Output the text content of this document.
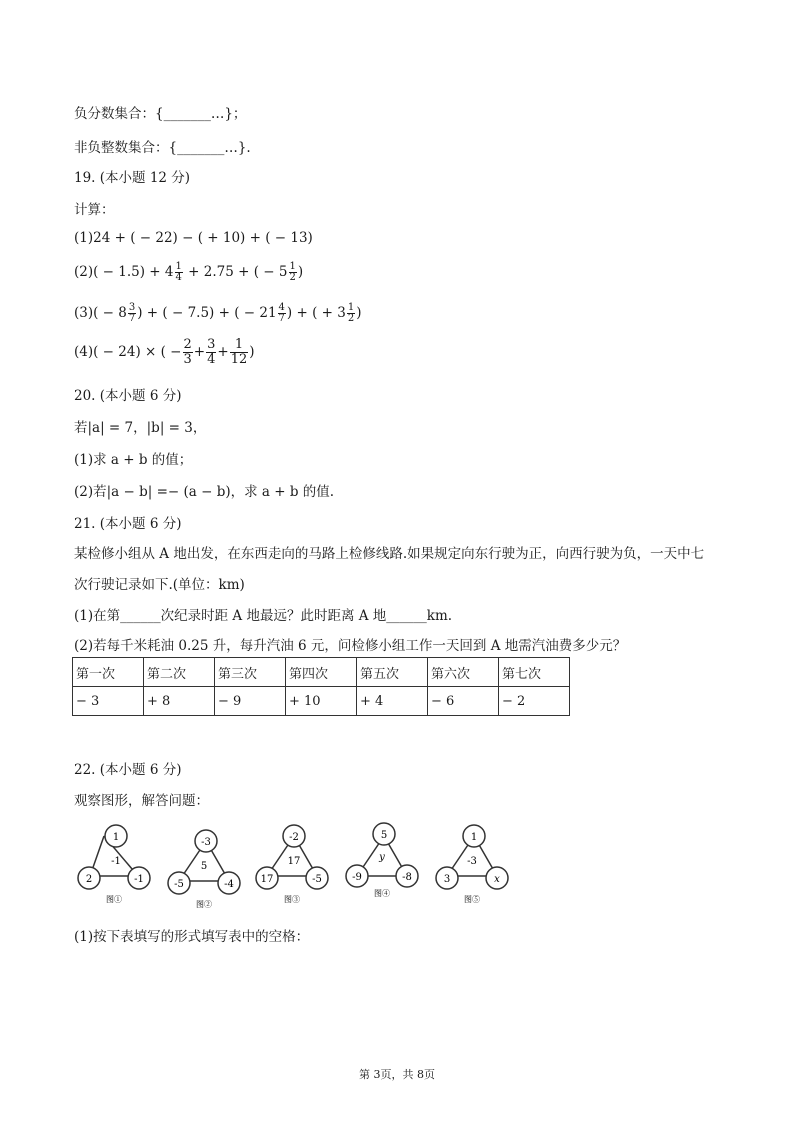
负分数集合：{_______…}；
非负整数集合：{_______…}.
19. (本小题 12 分)
计算：
(1)24 + ( − 22) − ( + 10) + ( − 13)
$(2)( - 1.5) + 4 \frac{1}{4} + 2.75$ + ( − $5 \frac{1}{2}$ )
$(3)( - 8 \frac{3}{7}$ ) + ( − 7.5) + ( − $21 \frac{4}{7}$ ) + ( + $3 \frac{1}{2}$ )
(4)( − 24) × ( − $\frac{2}{3} + \frac{3}{4} + \frac{1}{12}$ )
20. (本小题 6 分)
若|a| = 7，|b| = 3，
(1)求 a + b 的值；
(2)若|a − b| =− (a − b)，求 a + b 的值.
21. (本小题 6 分)
某检修小组从 A 地出发，在东西走向的马路上检修线路.如果规定向东行驶为正，向西行驶为负，一天中七
次行驶记录如下.(单位：km)
(1)在第______次纪录时距 A 地最远？此时距离 A 地______km.
(2)若每千米耗油 0.25 升，每升汽油 6 元，问检修小组工作一天回到 A 地需汽油费多少元？
第一次	第二次	第三次	第四次	第五次	第六次	第七次
− 3	+ 8	− 9	+ 10	+ 4	− 6	− 2
22. (本小题 6 分)
观察图形，解答问题：
1
-1
2	-1
图①
-3
5
-5	-4
图②
-2
17
17	-5
图③
5
y
-9	-8
图④
1
-3
3	x
图⑤
(1)按下表填写的形式填写表中的空格：
第 3页，共 8页
